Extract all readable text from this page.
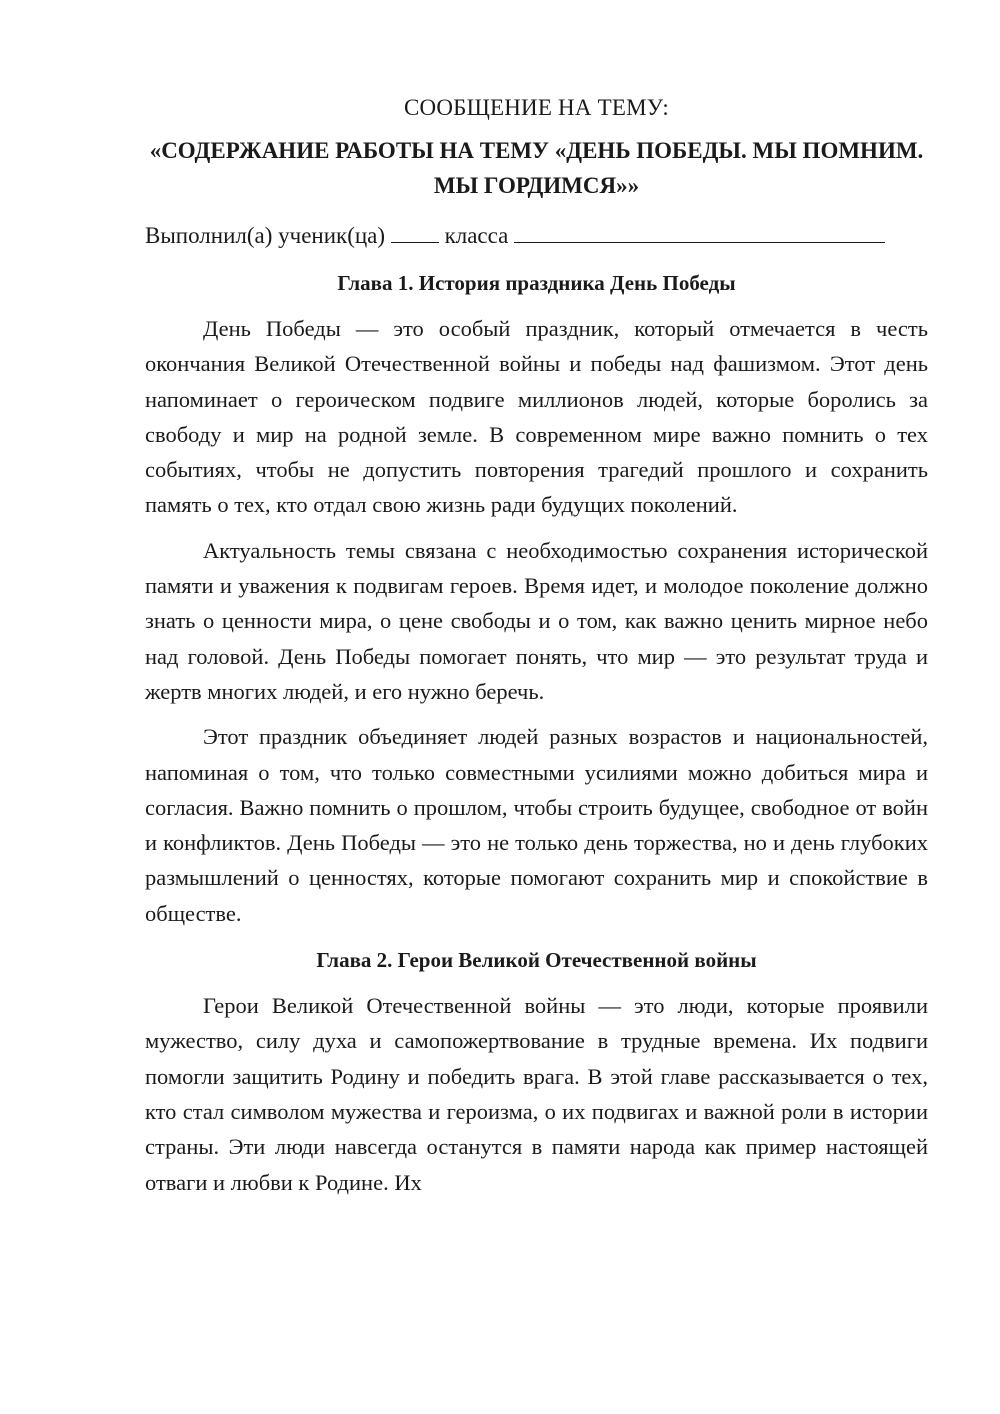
СООБЩЕНИЕ НА ТЕМУ:
«СОДЕРЖАНИЕ РАБОТЫ НА ТЕМУ «ДЕНЬ ПОБЕДЫ. МЫ ПОМНИМ. МЫ ГОРДИМСЯ»»
Выполнил(а) ученик(ца)	класса
Глава 1. История праздника День Победы

День Победы — это особый праздник, который отмечается в честь окончания Великой Отечественной войны и победы над фашизмом. Этот день напоминает о героическом подвиге миллионов людей, которые боролись за свободу и мир на родной земле. В современном мире важно помнить о тех событиях, чтобы не допустить повторения трагедий прошлого и сохранить память о тех, кто отдал свою жизнь ради будущих поколений.

Актуальность темы связана с необходимостью сохранения исторической памяти и уважения к подвигам героев. Время идет, и молодое поколение должно знать о ценности мира, о цене свободы и о том, как важно ценить мирное небо над головой. День Победы помогает понять, что мир — это результат труда и жертв многих людей, и его нужно беречь.

Этот праздник объединяет людей разных возрастов и национальностей, напоминая о том, что только совместными усилиями можно добиться мира и согласия. Важно помнить о прошлом, чтобы строить будущее, свободное от войн и конфликтов. День Победы — это не только день торжества, но и день глубоких размышлений о ценностях, которые помогают сохранить мир и спокойствие в обществе.

Глава 2. Герои Великой Отечественной войны

Герои Великой Отечественной войны — это люди, которые проявили мужество, силу духа и самопожертвование в трудные времена. Их подвиги помогли защитить Родину и победить врага. В этой главе рассказывается о тех, кто стал символом мужества и героизма, о их подвигах и важной роли в истории страны. Эти люди навсегда останутся в памяти народа как пример настоящей отваги и любви к Родине. Их
